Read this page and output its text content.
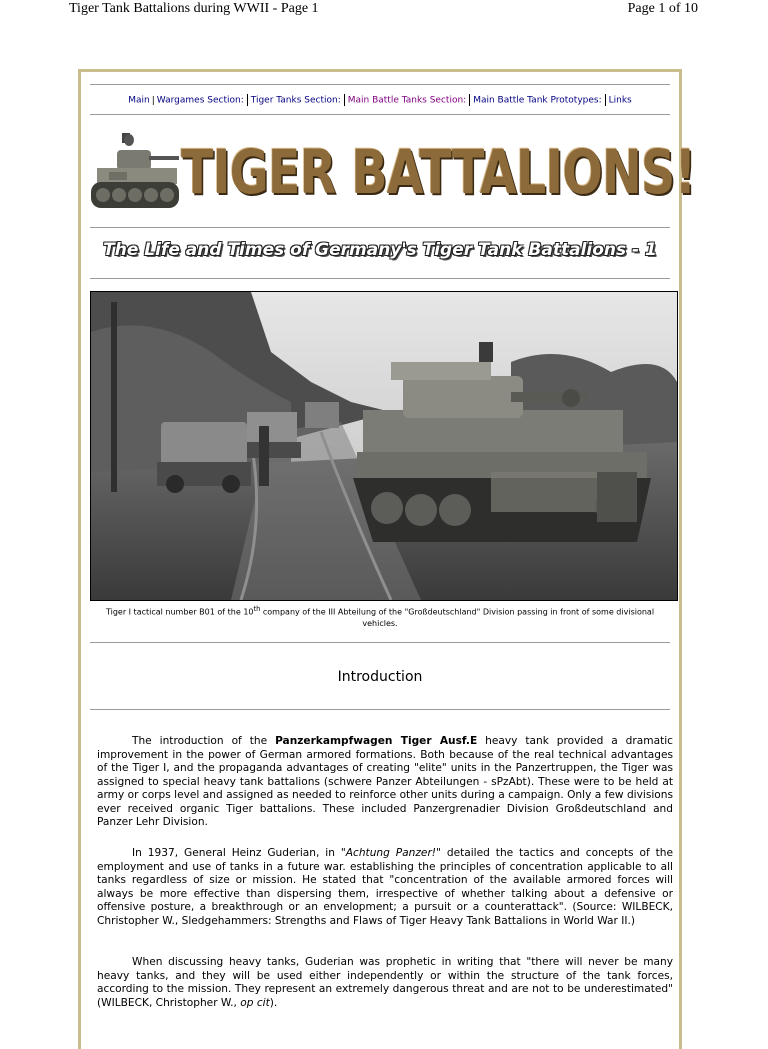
Tiger Tank Battalions during WWII - Page 1	Page 1 of 10
Main | Wargames Section: Tiger Tanks Section: Main Battle Tanks Section: Main Battle Tank Prototypes: Links
TIGER BATTALIONS!
The Life and Times of Germany's Tiger Tank Battalions - 1
Tiger I tactical number B01 of the 10th company of the III Abteilung of the "Großdeutschland" Division passing in front of some divisional vehicles.
Introduction

The introduction of the Panzerkampfwagen Tiger Ausf.E heavy tank provided a dramatic improvement in the power of German armored formations. Both because of the real technical advantages of the Tiger I, and the propaganda advantages of creating "elite" units in the Panzertruppen, the Tiger was assigned to special heavy tank battalions (schwere Panzer Abteilungen - sPzAbt). These were to be held at army or corps level and assigned as needed to reinforce other units during a campaign. Only a few divisions ever received organic Tiger battalions. These included Panzergrenadier Division Großdeutschland and Panzer Lehr Division.

In 1937, General Heinz Guderian, in "Achtung Panzer!" detailed the tactics and concepts of the employment and use of tanks in a future war. establishing the principles of concentration applicable to all tanks regardless of size or mission. He stated that "concentration of the available armored forces will always be more effective than dispersing them, irrespective of whether talking about a defensive or offensive posture, a breakthrough or an envelopment; a pursuit or a counterattack". (Source: WILBECK, Christopher W., Sledgehammers: Strengths and Flaws of Tiger Heavy Tank Battalions in World War II.)

When discussing heavy tanks, Guderian was prophetic in writing that "there will never be many heavy tanks, and they will be used either independently or within the structure of the tank forces, according to the mission. They represent an extremely dangerous threat and are not to be underestimated" (WILBECK, Christopher W., op cit).
